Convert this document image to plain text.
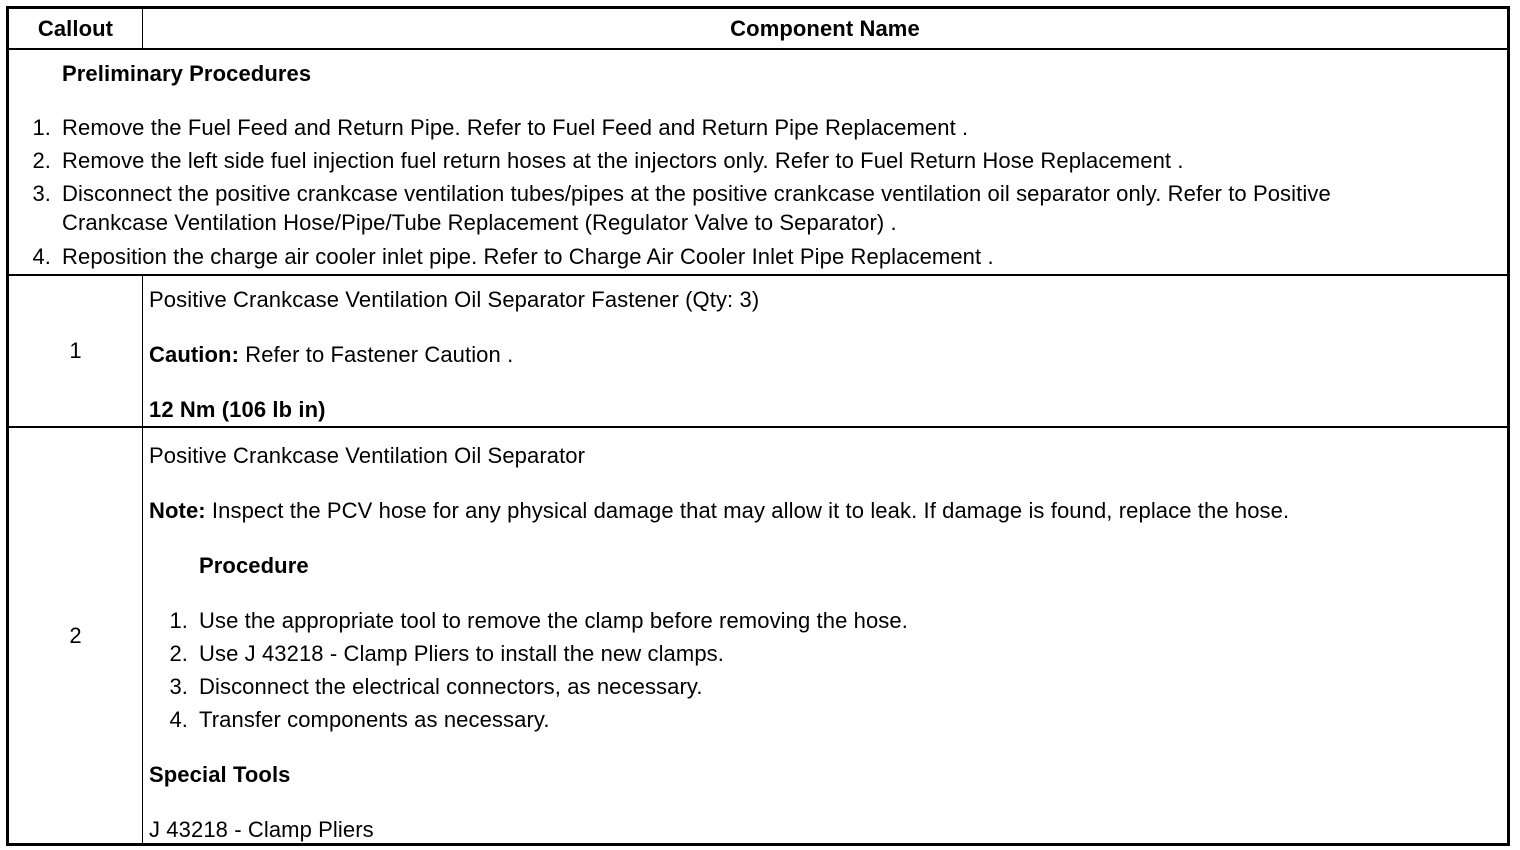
Callout	Component Name
Preliminary Procedures
1. Remove the Fuel Feed and Return Pipe. Refer to Fuel Feed and Return Pipe Replacement .
2. Remove the left side fuel injection fuel return hoses at the injectors only. Refer to Fuel Return Hose Replacement .
3. Disconnect the positive crankcase ventilation tubes/pipes at the positive crankcase ventilation oil separator only. Refer to Positive
Crankcase Ventilation Hose/Pipe/Tube Replacement (Regulator Valve to Separator) .
4. Reposition the charge air cooler inlet pipe. Refer to Charge Air Cooler Inlet Pipe Replacement .
1
Positive Crankcase Ventilation Oil Separator Fastener (Qty: 3)
Caution: Refer to Fastener Caution .
12 Nm (106 lb in)
2
Positive Crankcase Ventilation Oil Separator
Note: Inspect the PCV hose for any physical damage that may allow it to leak. If damage is found, replace the hose.
Procedure
1. Use the appropriate tool to remove the clamp before removing the hose.
2. Use J 43218 - Clamp Pliers to install the new clamps.
3. Disconnect the electrical connectors, as necessary.
4. Transfer components as necessary.
Special Tools
J 43218 - Clamp Pliers
